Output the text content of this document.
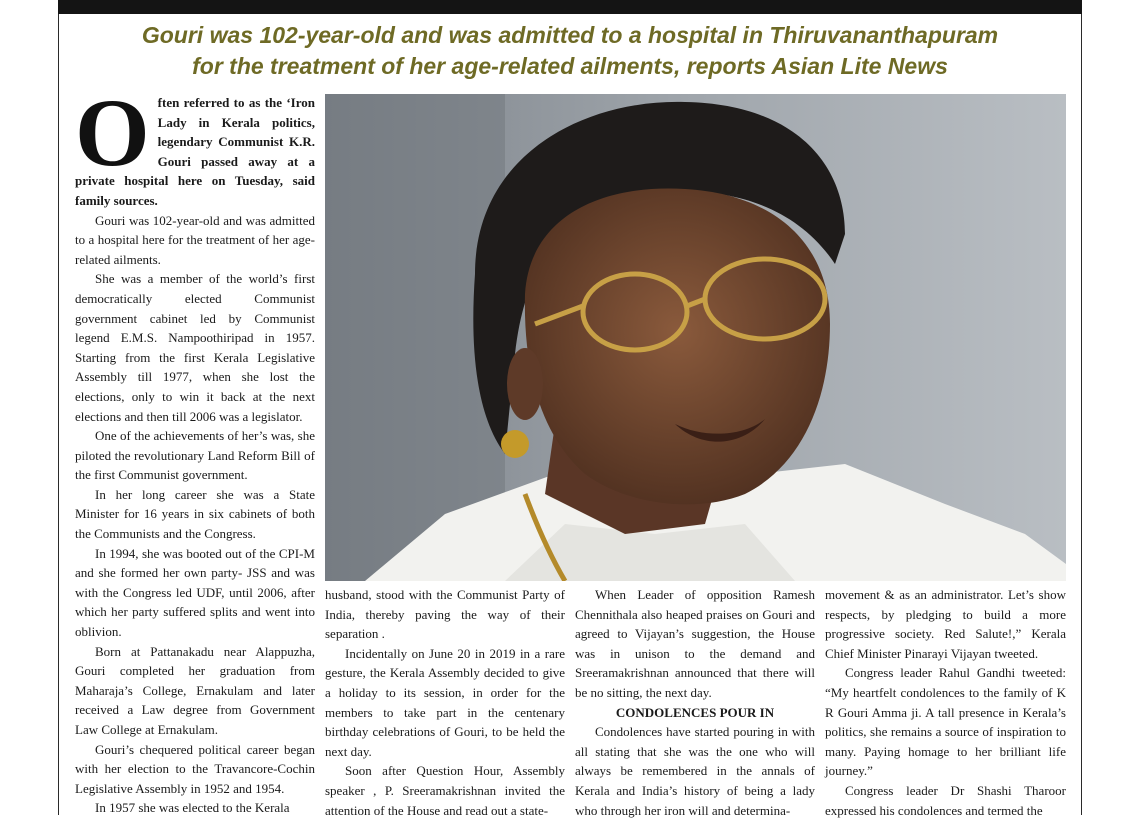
Gouri was 102-year-old and was admitted to a hospital in Thiruvananthapuram
for the treatment of her age-related ailments, reports Asian Lite News
O ften referred to as the ‘Iron Lady in Kerala politics, legendary Communist K.R. Gouri passed away at a private hospital here on Tuesday, said family sources.

Gouri was 102-year-old and was admitted to a hospital here for the treatment of her age-related ailments.

She was a member of the world’s first democratically elected Communist government cabinet led by Communist legend E.M.S. Nampoothiripad in 1957. Starting from the first Kerala Legislative Assembly till 1977, when she lost the elections, only to win it back at the next elections and then till 2006 was a legislator.

One of the achievements of her’s was, she piloted the revolutionary Land Reform Bill of the first Communist government.

In her long career she was a State Minister for 16 years in six cabinets of both the Communists and the Congress.

In 1994, she was booted out of the CPI-M and she formed her own party- JSS and was with the Congress led UDF, until 2006, after which her party suffered splits and went into oblivion.

Born at Pattanakadu near Alappuzha, Gouri completed her graduation from Maharaja’s College, Ernakulam and later received a Law degree from Government Law College at Ernakulam.

Gouri’s chequered political career began with her election to the Travancore-Cochin Legislative Assembly in 1952 and 1954.

In 1957 she was elected to the Kerala

husband, stood with the Communist Party of India, thereby paving the way of their separation .

Incidentally on June 20 in 2019 in a rare gesture, the Kerala Assembly decided to give a holiday to its session, in order for the members to take part in the centenary birthday celebrations of Gouri, to be held the next day.

Soon after Question Hour, Assembly speaker , P. Sreeramakrishnan invited the attention of the House and read out a state-

When Leader of opposition Ramesh Chennithala also heaped praises on Gouri and agreed to Vijayan’s suggestion, the House was in unison to the demand and Sreeramakrishnan announced that there will be no sitting, the next day.

CONDOLENCES POUR IN

Condolences have started pouring in with all stating that she was the one who will always be remembered in the annals of Kerala and India’s history of being a lady who through her iron will and determina-

movement & as an administrator. Let’s show respects, by pledging to build a more progressive society. Red Salute!,” Kerala Chief Minister Pinarayi Vijayan tweeted.

Congress leader Rahul Gandhi tweeted: “My heartfelt condolences to the family of K R Gouri Amma ji. A tall presence in Kerala’s politics, she remains a source of inspiration to many. Paying homage to her brilliant life journey.”

Congress leader Dr Shashi Tharoor expressed his condolences and termed the
